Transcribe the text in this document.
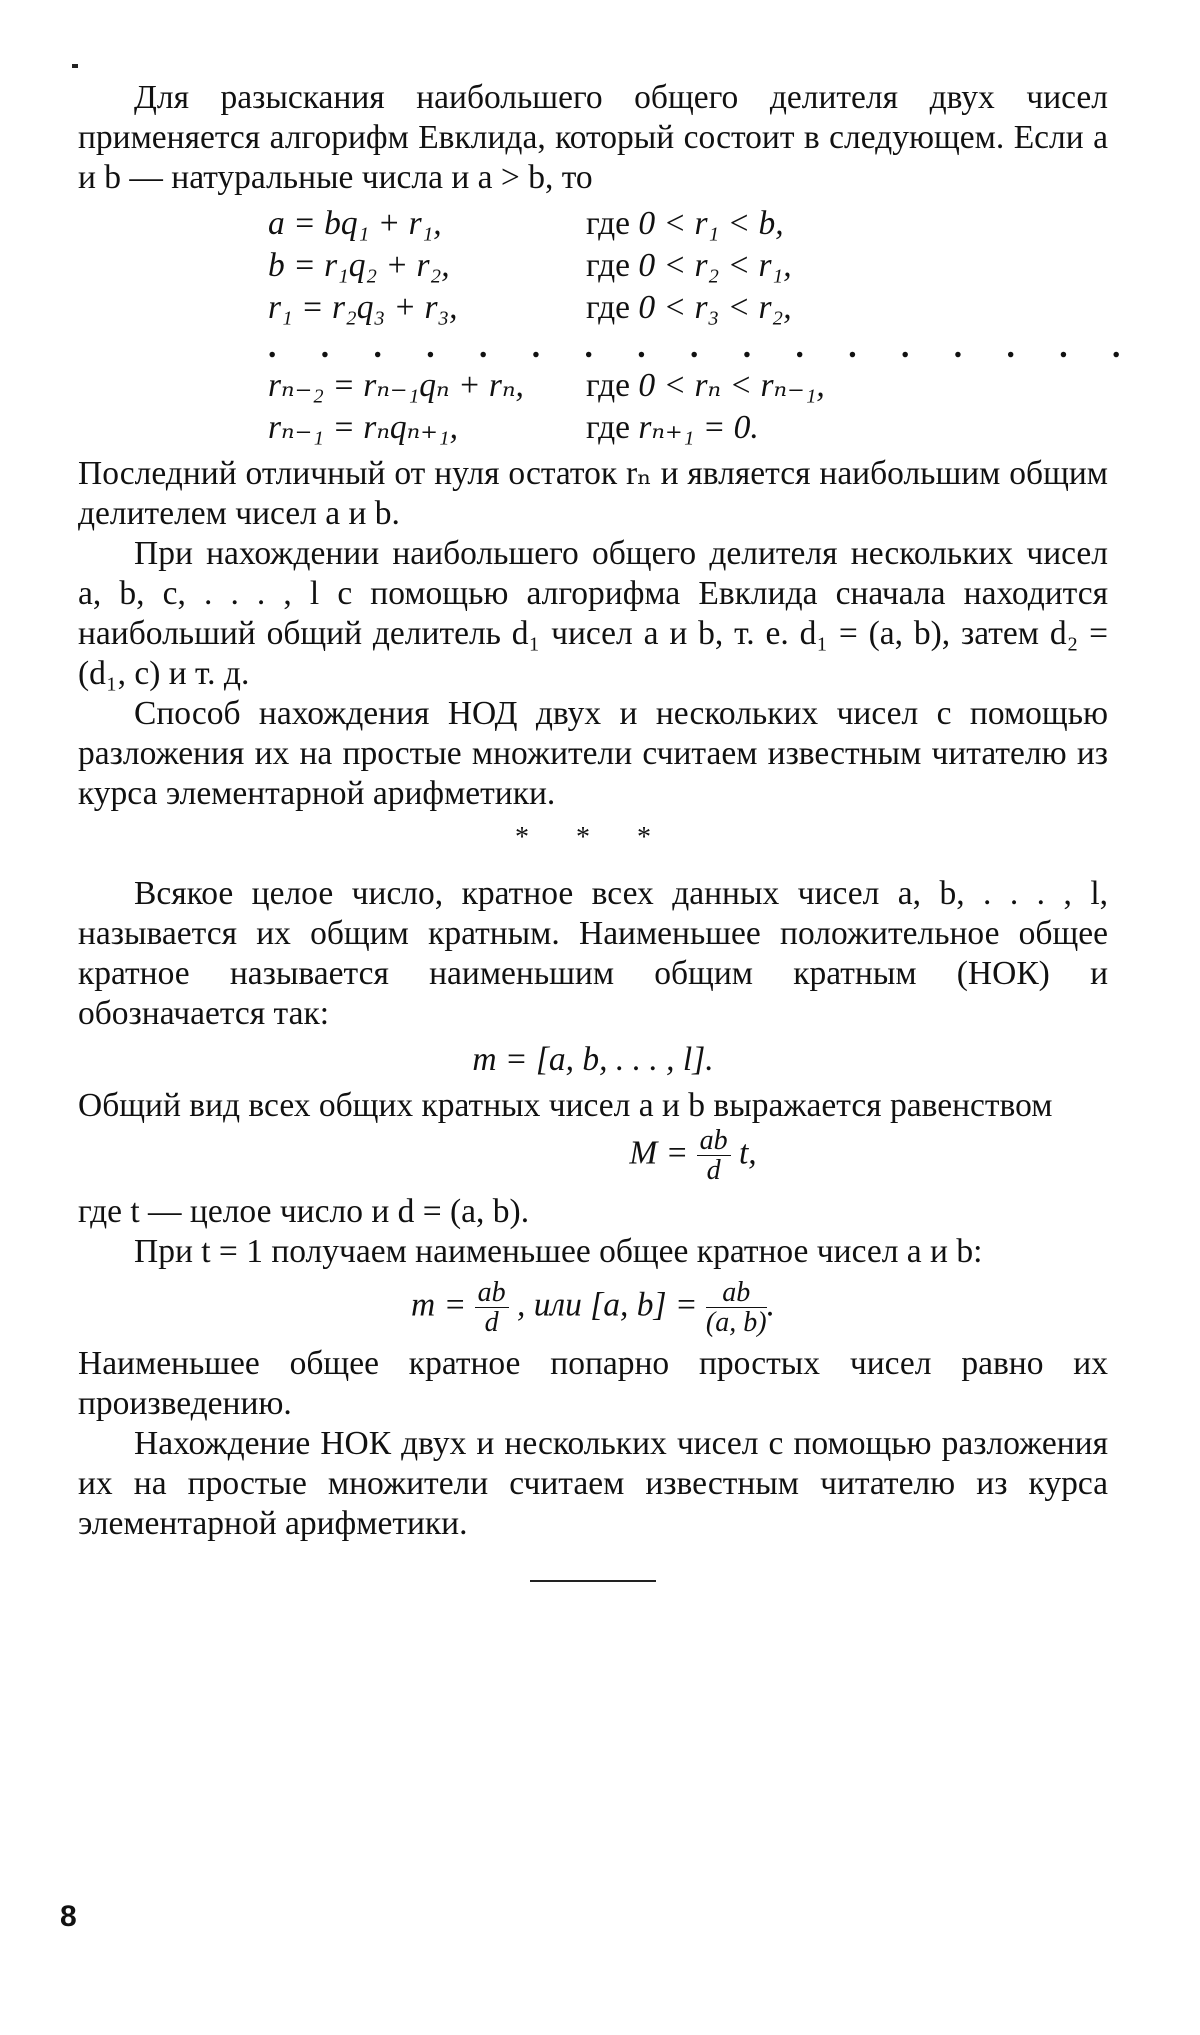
Для разыскания наибольшего общего делителя двух чисел применяется алгорифм Евклида, который состоит в следующем. Если a и b — натуральные числа и a > b, то

a = bq₁ + r₁,	где 0 < r₁ < b,
b = r₁q₂ + r₂,	где 0 < r₂ < r₁,
r₁ = r₂q₃ + r₃,	где 0 < r₃ < r₂,
. . . . . . . . . . . . . . . . .
rₙ₋₂ = rₙ₋₁qₙ + rₙ,	где 0 < rₙ < rₙ₋₁,
rₙ₋₁ = rₙqₙ₊₁,	где rₙ₊₁ = 0.

Последний отличный от нуля остаток rₙ и является наибольшим общим делителем чисел a и b.

При нахождении наибольшего общего делителя нескольких чисел a, b, c, . . . , l с помощью алгорифма Евклида сначала находится наибольший общий делитель d₁ чисел a и b, т. е. d₁ = (a, b), затем d₂ = (d₁, c) и т. д.

Способ нахождения НОД двух и нескольких чисел с помощью разложения их на простые множители считаем известным читателю из курса элементарной арифметики.

* * *

Всякое целое число, кратное всех данных чисел a, b, . . . , l, называется их общим кратным. Наименьшее положительное общее кратное называется наименьшим общим кратным (НОК) и обозначается так:

m = [a, b, . . . , l].

Общий вид всех общих кратных чисел a и b выражается равенством

$M = \frac{ab}{d} t$,

где t — целое число и d = (a, b).

При t = 1 получаем наименьшее общее кратное чисел a и b:

$m = \frac{ab}{d}$ , или [a, $b] = \frac{ab}{(a, b)}$ .

Наименьшее общее кратное попарно простых чисел равно их произведению.

Нахождение НОК двух и нескольких чисел с помощью разложения их на простые множители считаем известным читателю из курса элементарной арифметики.

8
